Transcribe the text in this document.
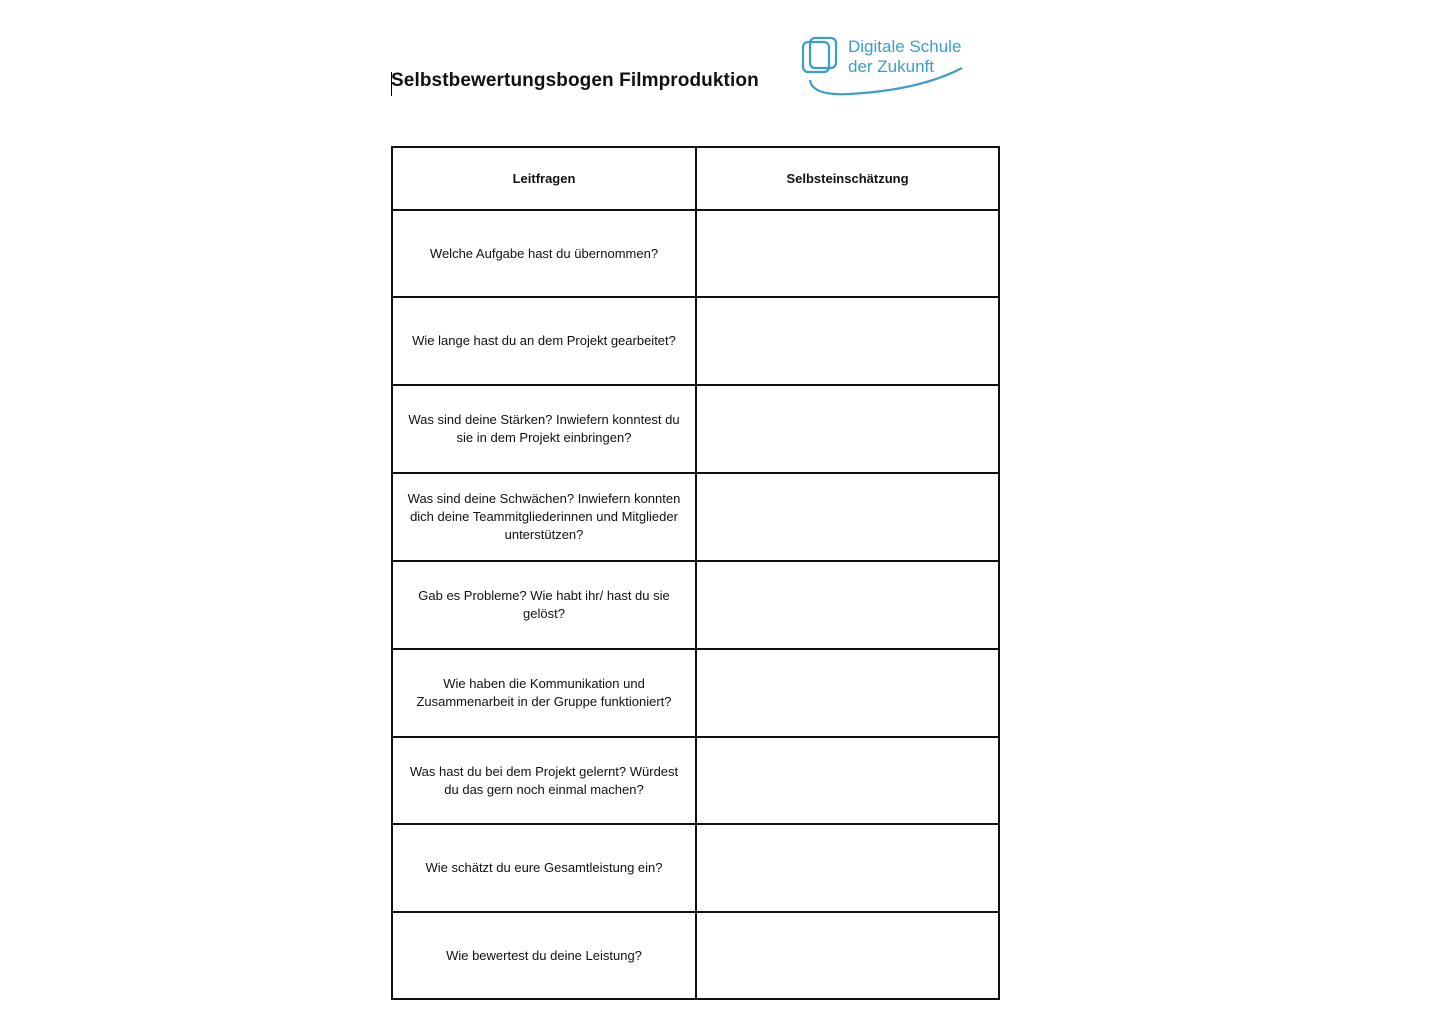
Selbstbewertungsbogen Filmproduktion
Digitale Schule
der Zukunft
Leitfragen	Selbsteinschätzung
Welche Aufgabe hast du übernommen?	
Wie lange hast du an dem Projekt gearbeitet?	
Was sind deine Stärken? Inwiefern konntest du sie in dem Projekt einbringen?	
Was sind deine Schwächen? Inwiefern konnten dich deine Teammitgliederinnen und Mitglieder unterstützen?	
Gab es Probleme? Wie habt ihr/ hast du sie gelöst?	
Wie haben die Kommunikation und Zusammenarbeit in der Gruppe funktioniert?	
Was hast du bei dem Projekt gelernt? Würdest du das gern noch einmal machen?	
Wie schätzt du eure Gesamtleistung ein?	
Wie bewertest du deine Leistung?	
